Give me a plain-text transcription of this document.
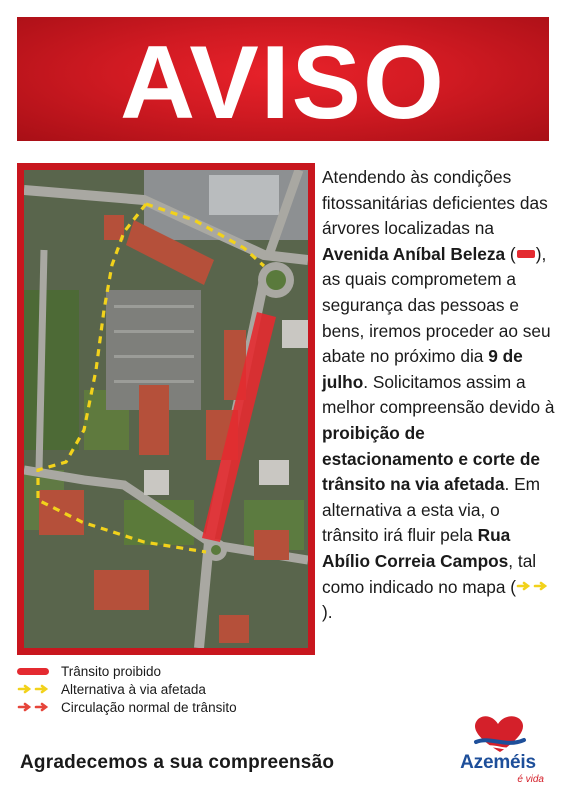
AVISO
Atendendo às condições fitossanitárias deficientes das árvores localizadas na Avenida Aníbal Beleza ( ), as quais comprometem a segurança das pessoas e bens, iremos proceder ao seu abate no próximo dia 9 de julho. Solicitamos assim a melhor compreensão devido à proibição de estacionamento e corte de trânsito na via afetada. Em alternativa a esta via, o trânsito irá fluir pela Rua Abílio Correia Campos, tal como indicado no mapa ().
Trânsito proibido
Alternativa à via afetada
Circulação normal de trânsito
Agradecemos a sua compreensão	Azeméis
é vida
